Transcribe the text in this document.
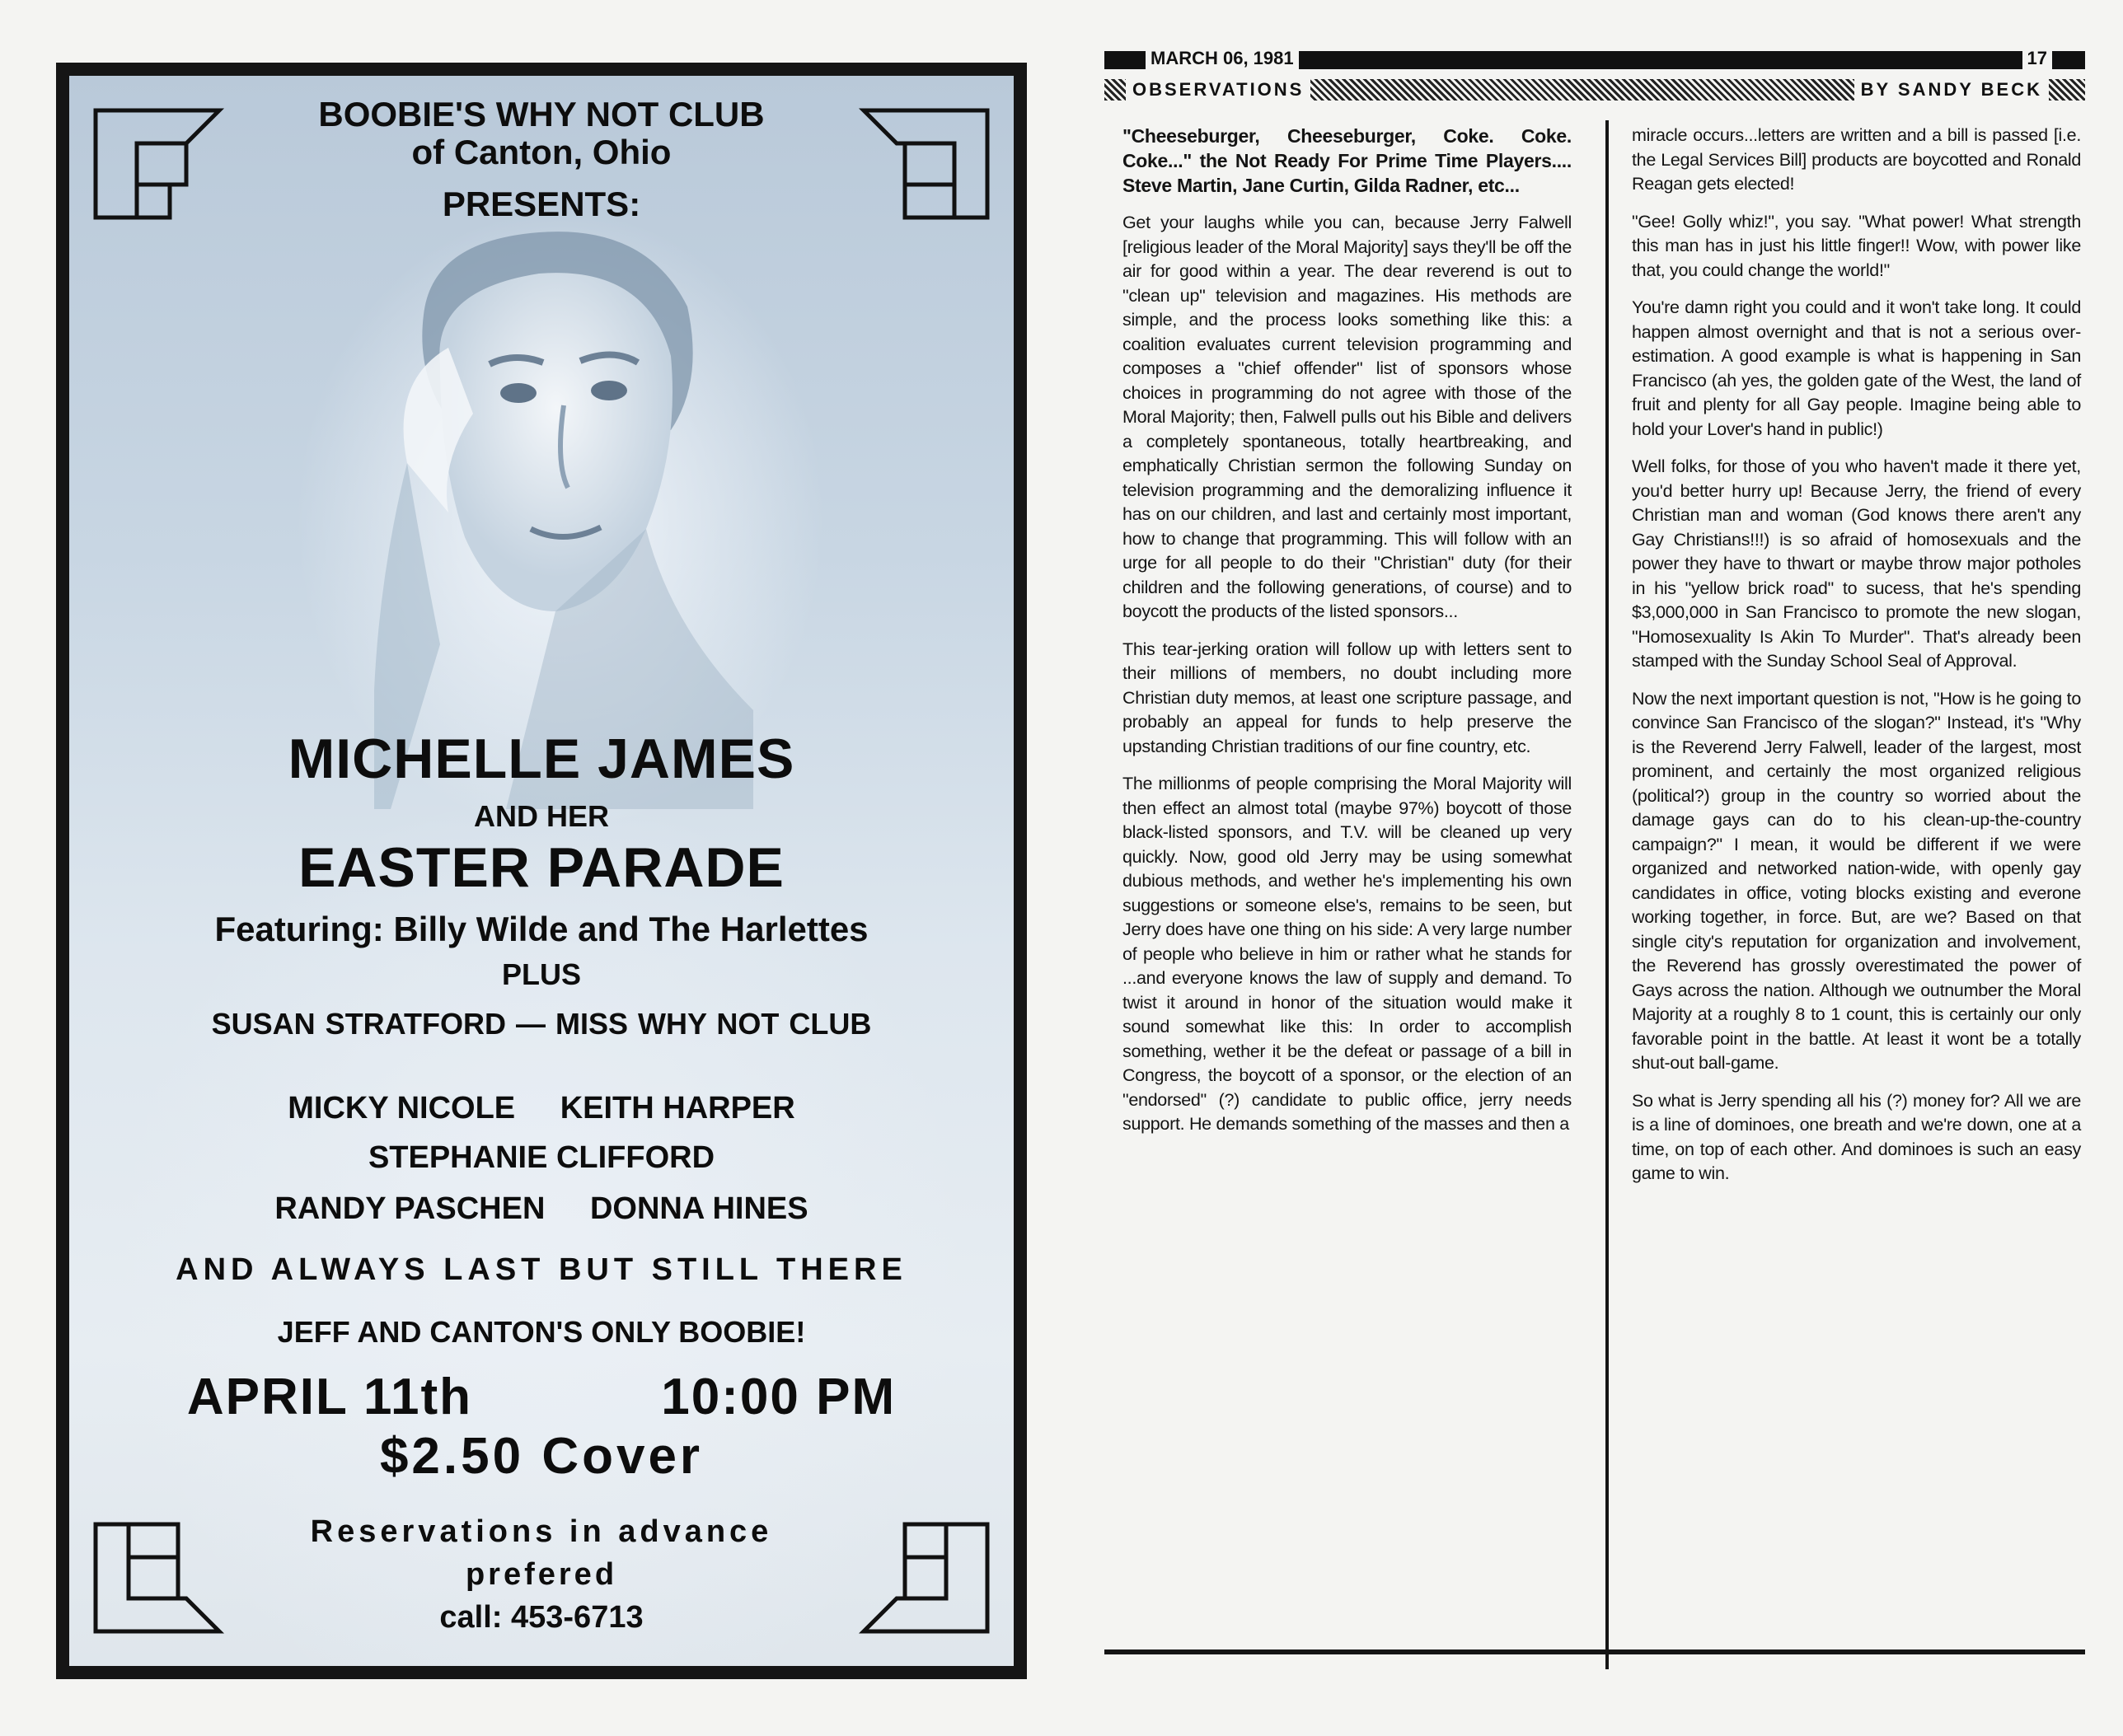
BOOBIE'S WHY NOT CLUB
of Canton, Ohio
PRESENTS:
MICHELLE JAMES
AND HER
EASTER PARADE
Featuring: Billy Wilde and The Harlettes
PLUS
SUSAN STRATFORD — MISS WHY NOT CLUB
MICKY NICOLE KEITH HARPER
STEPHANIE CLIFFORD
RANDY PASCHEN DONNA HINES
AND ALWAYS LAST BUT STILL THERE
JEFF AND CANTON'S ONLY BOOBIE!
APRIL 11th	10:00 PM
$2.50 Cover
Reservations in advance
prefered
call: 453-6713
MARCH 06, 1981	17
OBSERVATIONS	BY SANDY BECK

"Cheeseburger, Cheeseburger, Coke. Coke. Coke..." the Not Ready For Prime Time Players.... Steve Martin, Jane Curtin, Gilda Radner, etc...

Get your laughs while you can, because Jerry Falwell [religious leader of the Moral Majority] says they'll be off the air for good within a year. The dear reverend is out to "clean up" television and magazines. His methods are simple, and the process looks something like this: a coalition evaluates current television programming and composes a "chief offender" list of sponsors whose choices in programming do not agree with those of the Moral Majority; then, Falwell pulls out his Bible and delivers a completely spontaneous, totally heartbreaking, and emphatically Christian sermon the following Sunday on television programming and the demoralizing influence it has on our children, and last and certainly most important, how to change that programming. This will follow with an urge for all people to do their "Christian" duty (for their children and the following generations, of course) and to boycott the products of the listed sponsors...

This tear-jerking oration will follow up with letters sent to their millions of members, no doubt including more Christian duty memos, at least one scripture passage, and probably an appeal for funds to help preserve the upstanding Christian traditions of our fine country, etc.

The millionms of people comprising the Moral Majority will then effect an almost total (maybe 97%) boycott of those black-listed sponsors, and T.V. will be cleaned up very quickly. Now, good old Jerry may be using somewhat dubious methods, and wether he's implementing his own suggestions or someone else's, remains to be seen, but Jerry does have one thing on his side: A very large number of people who believe in him or rather what he stands for ...and everyone knows the law of supply and demand. To twist it around in honor of the situation would make it sound somewhat like this: In order to accomplish something, wether it be the defeat or passage of a bill in Congress, the boycott of a sponsor, or the election of an "endorsed" (?) candidate to public office, jerry needs support. He demands something of the masses and then a

miracle occurs...letters are written and a bill is passed [i.e. the Legal Services Bill] products are boycotted and Ronald Reagan gets elected!

"Gee! Golly whiz!", you say. "What power! What strength this man has in just his little finger!! Wow, with power like that, you could change the world!"

You're damn right you could and it won't take long. It could happen almost overnight and that is not a serious over-estimation. A good example is what is happening in San Francisco (ah yes, the golden gate of the West, the land of fruit and plenty for all Gay people. Imagine being able to hold your Lover's hand in public!)

Well folks, for those of you who haven't made it there yet, you'd better hurry up! Because Jerry, the friend of every Christian man and woman (God knows there aren't any Gay Christians!!!) is so afraid of homosexuals and the power they have to thwart or maybe throw major potholes in his "yellow brick road" to sucess, that he's spending $3,000,000 in San Francisco to promote the new slogan, "Homosexuality Is Akin To Murder". That's already been stamped with the Sunday School Seal of Approval.

Now the next important question is not, "How is he going to convince San Francisco of the slogan?" Instead, it's "Why is the Reverend Jerry Falwell, leader of the largest, most prominent, and certainly the most organized religious (political?) group in the country so worried about the damage gays can do to his clean-up-the-country campaign?" I mean, it would be different if we were organized and networked nation-wide, with openly gay candidates in office, voting blocks existing and everone working together, in force. But, are we? Based on that single city's reputation for organization and involvement, the Reverend has grossly overestimated the power of Gays across the nation. Although we outnumber the Moral Majority at a roughly 8 to 1 count, this is certainly our only favorable point in the battle. At least it wont be a totally shut-out ball-game.

So what is Jerry spending all his (?) money for? All we are is a line of dominoes, one breath and we're down, one at a time, on top of each other. And dominoes is such an easy game to win.
